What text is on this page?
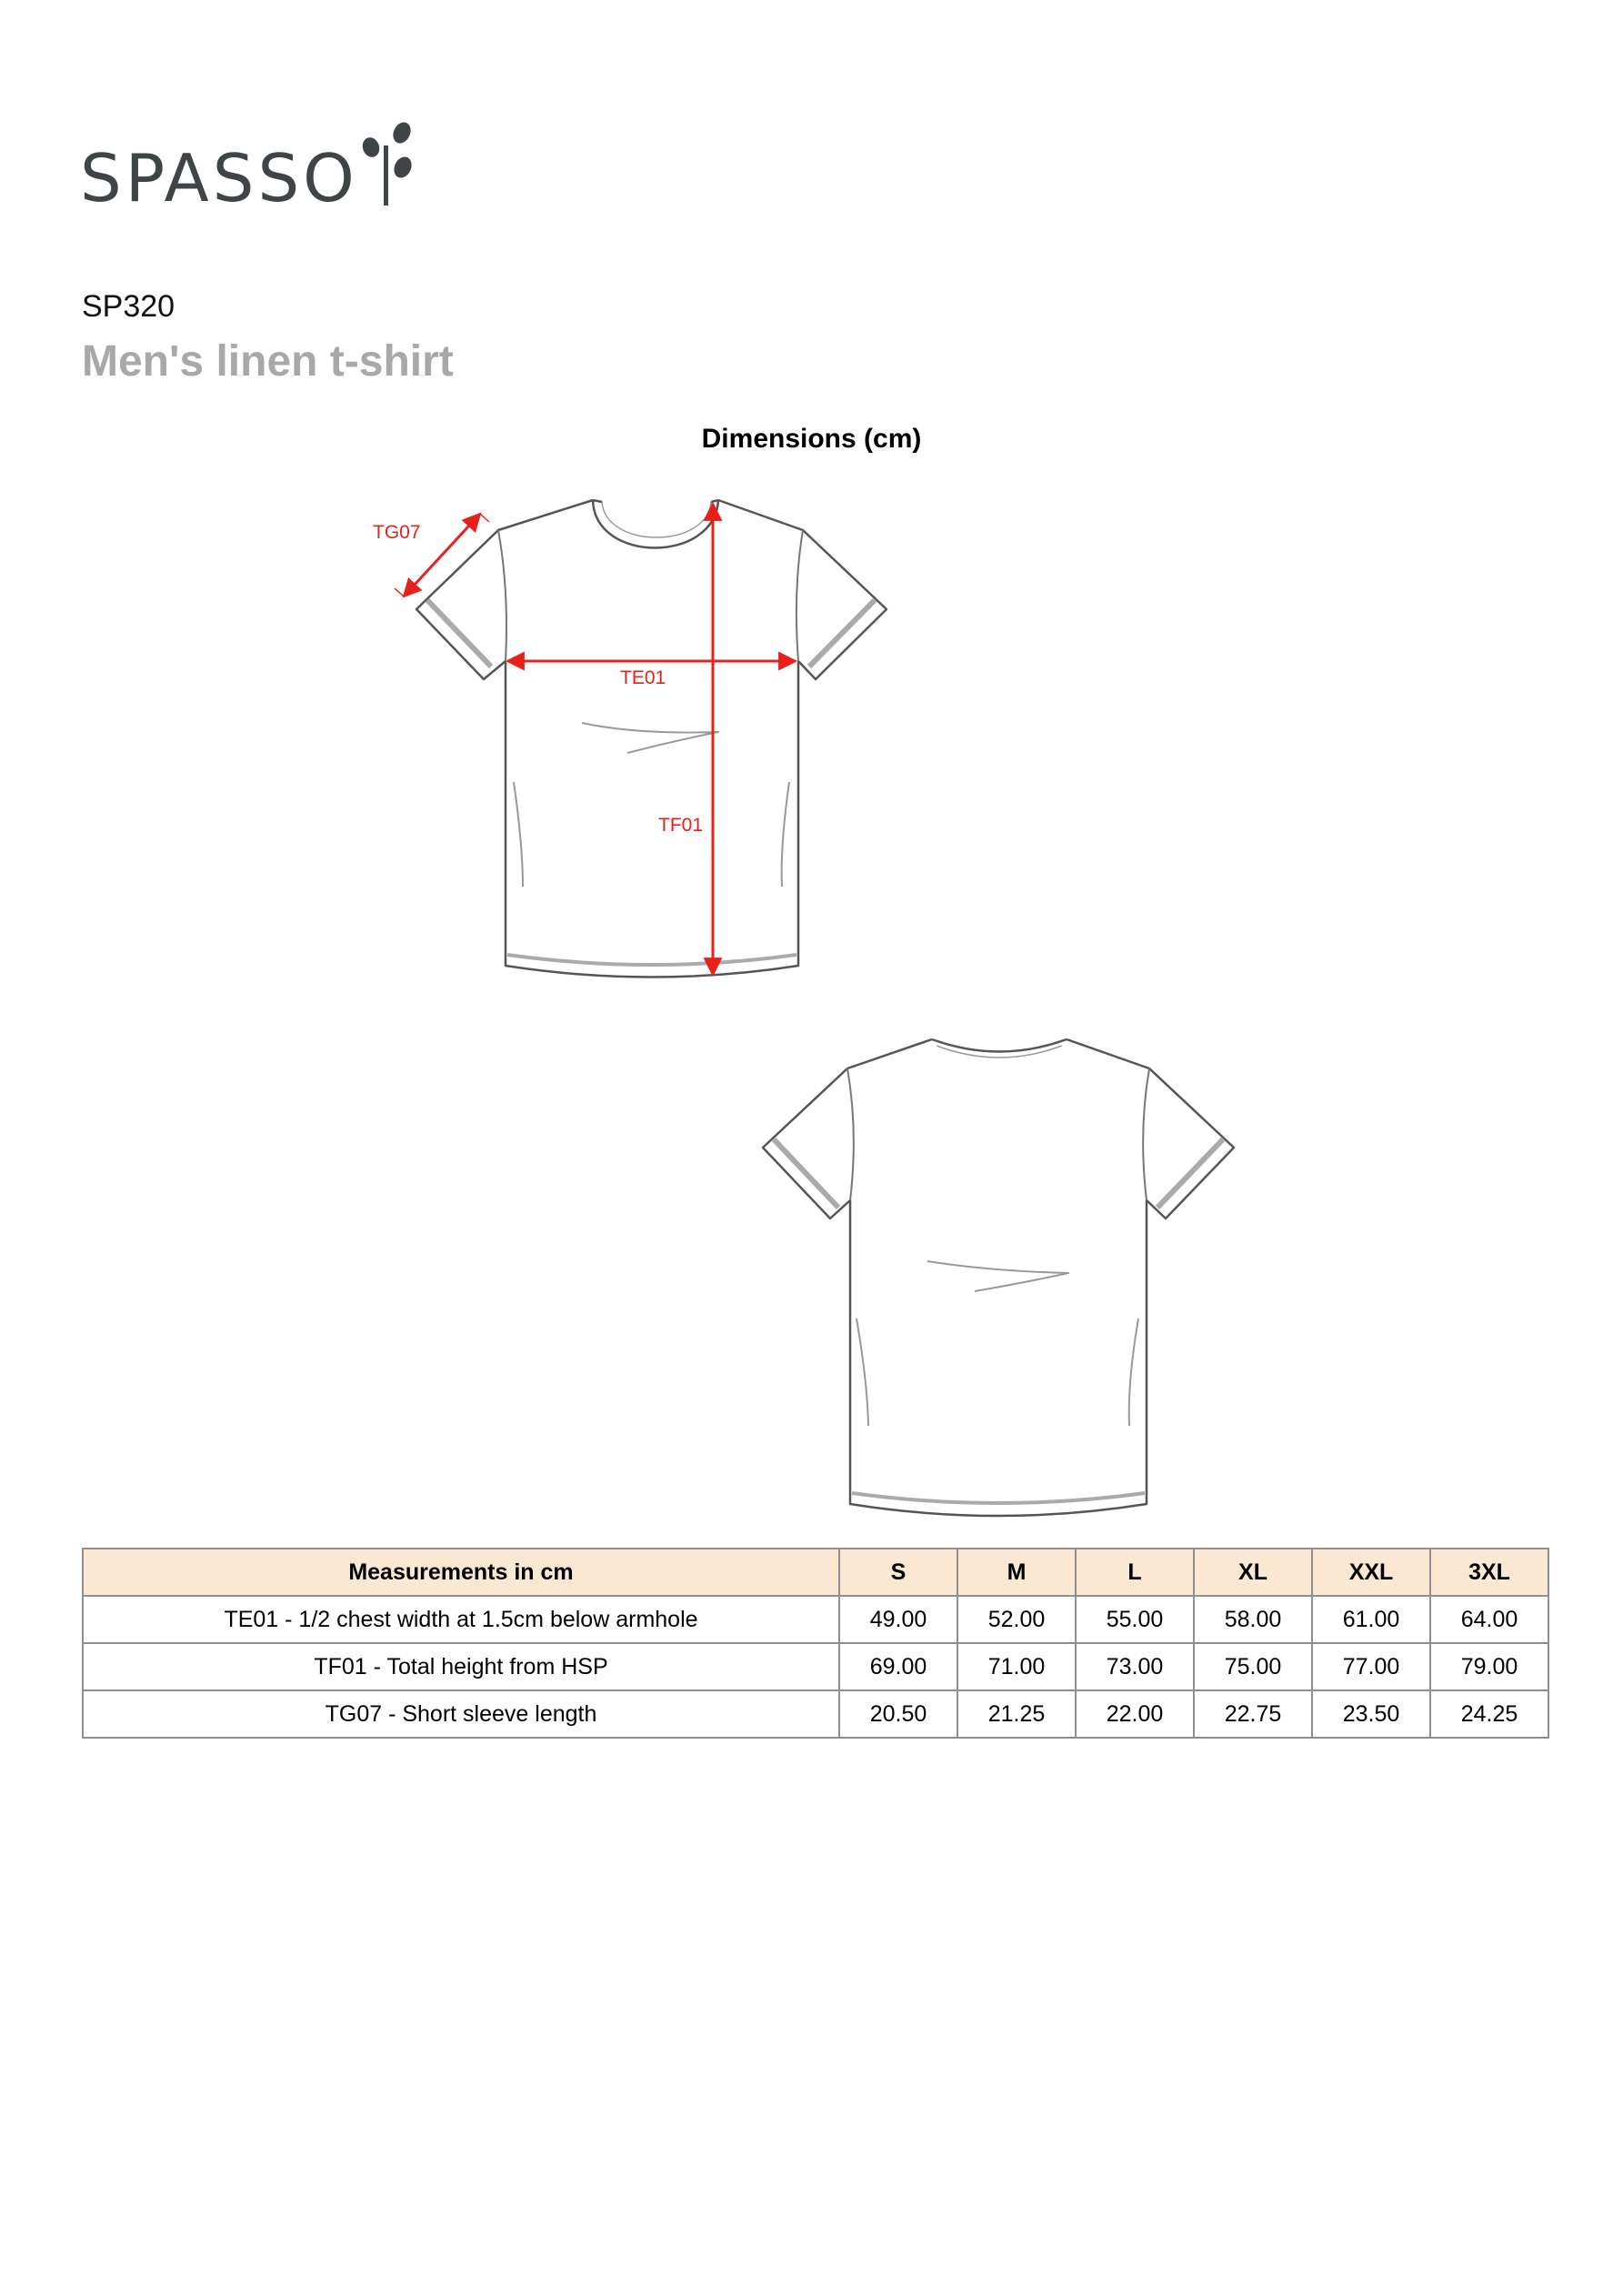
SPASSO
SP320
Men's linen t-shirt
Dimensions (cm)
TG07
TE01
TF01
Measurements in cm	S	M	L	XL	XXL	3XL
TE01 - 1/2 chest width at 1.5cm below armhole	49.00	52.00	55.00	58.00	61.00	64.00
TF01 - Total height from HSP	69.00	71.00	73.00	75.00	77.00	79.00
TG07 - Short sleeve length	20.50	21.25	22.00	22.75	23.50	24.25
